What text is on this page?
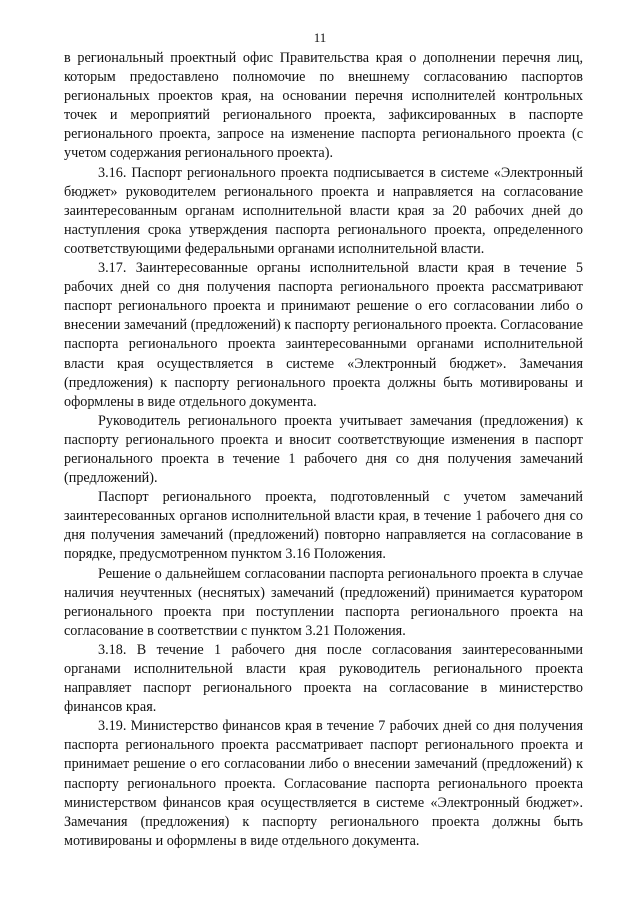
11

в региональный проектный офис Правительства края о дополнении перечня лиц, которым предоставлено полномочие по внешнему согласованию паспортов региональных проектов края, на основании перечня исполнителей контрольных точек и мероприятий регионального проекта, зафиксированных в паспорте регионального проекта, запросе на изменение паспорта регионального проекта (с учетом содержания регионального проекта).

3.16. Паспорт регионального проекта подписывается в системе «Электронный бюджет» руководителем регионального проекта и направляется на согласование заинтересованным органам исполнительной власти края за 20 рабочих дней до наступления срока утверждения паспорта регионального проекта, определенного соответствующими федеральными органами исполнительной власти.

3.17. Заинтересованные органы исполнительной власти края в течение 5 рабочих дней со дня получения паспорта регионального проекта рассматривают паспорт регионального проекта и принимают решение о его согласовании либо о внесении замечаний (предложений) к паспорту регионального проекта. Согласование паспорта регионального проекта заинтересованными органами исполнительной власти края осуществляется в системе «Электронный бюджет». Замечания (предложения) к паспорту регионального проекта должны быть мотивированы и оформлены в виде отдельного документа.

Руководитель регионального проекта учитывает замечания (предложения) к паспорту регионального проекта и вносит соответствующие изменения в паспорт регионального проекта в течение 1 рабочего дня со дня получения замечаний (предложений).

Паспорт регионального проекта, подготовленный с учетом замечаний заинтересованных органов исполнительной власти края, в течение 1 рабочего дня со дня получения замечаний (предложений) повторно направляется на согласование в порядке, предусмотренном пунктом 3.16 Положения.

Решение о дальнейшем согласовании паспорта регионального проекта в случае наличия неучтенных (неснятых) замечаний (предложений) принимается куратором регионального проекта при поступлении паспорта регионального проекта на согласование в соответствии с пунктом 3.21 Положения.

3.18. В течение 1 рабочего дня после согласования заинтересованными органами исполнительной власти края руководитель регионального проекта направляет паспорт регионального проекта на согласование в министерство финансов края.

3.19. Министерство финансов края в течение 7 рабочих дней со дня получения паспорта регионального проекта рассматривает паспорт регионального проекта и принимает решение о его согласовании либо о внесении замечаний (предложений) к паспорту регионального проекта. Согласование паспорта регионального проекта министерством финансов края осуществляется в системе «Электронный бюджет». Замечания (предложения) к паспорту регионального проекта должны быть мотивированы и оформлены в виде отдельного документа.
